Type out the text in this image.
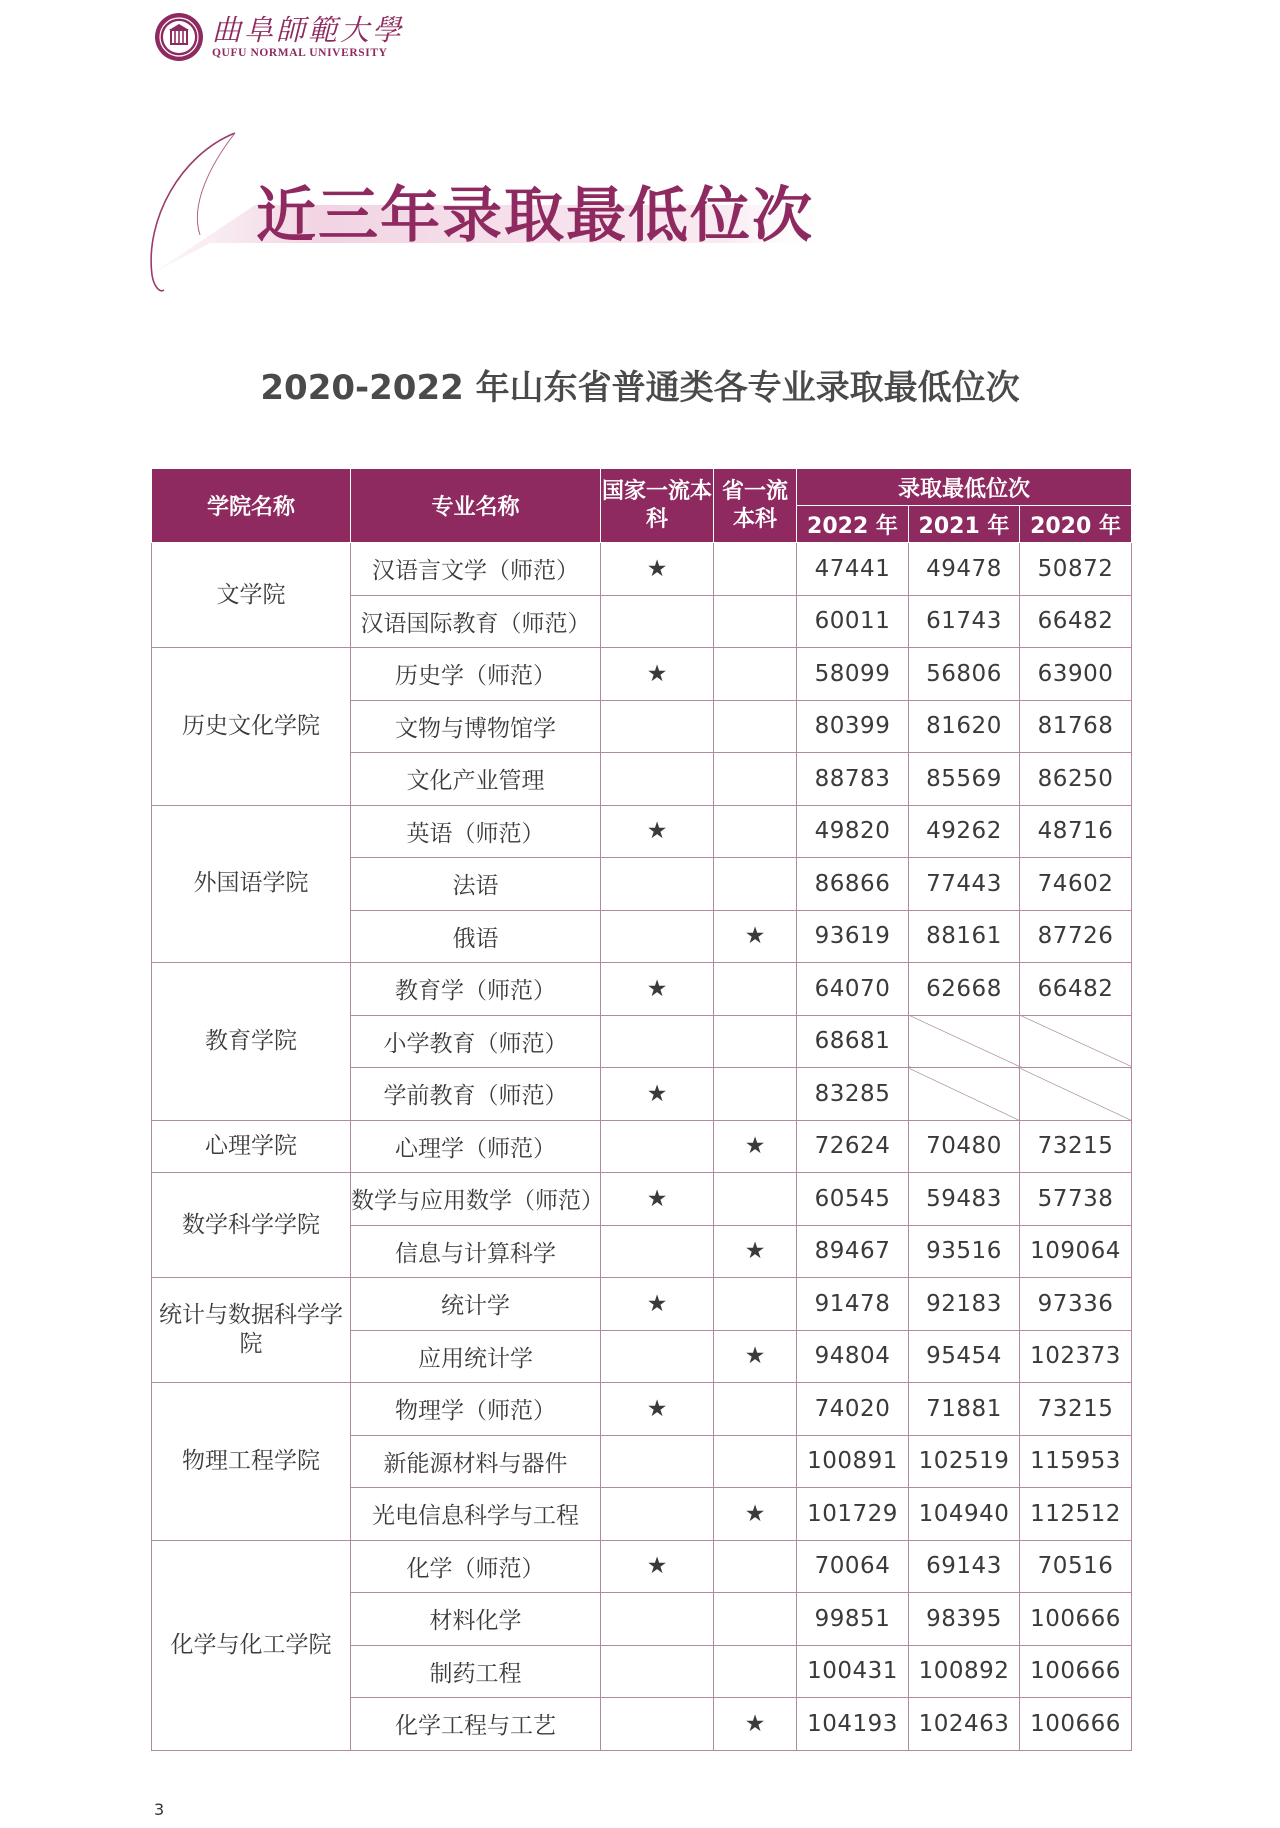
曲阜師範大學
QUFU NORMAL UNIVERSITY
近三年录取最低位次
2020-2022 年山东省普通类各专业录取最低位次
学院名称	专业名称	国家一流本科	省一流本科	录取最低位次		
				2022 年	2021 年	2020 年
文学院	汉语言文学（师范）	★		47441	49478	50872
	汉语国际教育（师范）			60011	61743	66482
历史文化学院	历史学（师范）	★		58099	56806	63900
	文物与博物馆学			80399	81620	81768
	文化产业管理			88783	85569	86250
外国语学院	英语（师范）	★		49820	49262	48716
	法语			86866	77443	74602
	俄语		★	93619	88161	87726
教育学院	教育学（师范）	★		64070	62668	66482
	小学教育（师范）			68681		
	学前教育（师范）	★		83285		
心理学院	心理学（师范）		★	72624	70480	73215
数学科学学院	数学与应用数学（师范）	★		60545	59483	57738
	信息与计算科学		★	89467	93516	109064
统计与数据科学学院	统计学	★		91478	92183	97336
	应用统计学		★	94804	95454	102373
物理工程学院	物理学（师范）	★		74020	71881	73215
	新能源材料与器件			100891	102519	115953
	光电信息科学与工程		★	101729	104940	112512
化学与化工学院	化学（师范）	★		70064	69143	70516
	材料化学			99851	98395	100666
	制药工程			100431	100892	100666
	化学工程与工艺		★	104193	102463	100666
3
